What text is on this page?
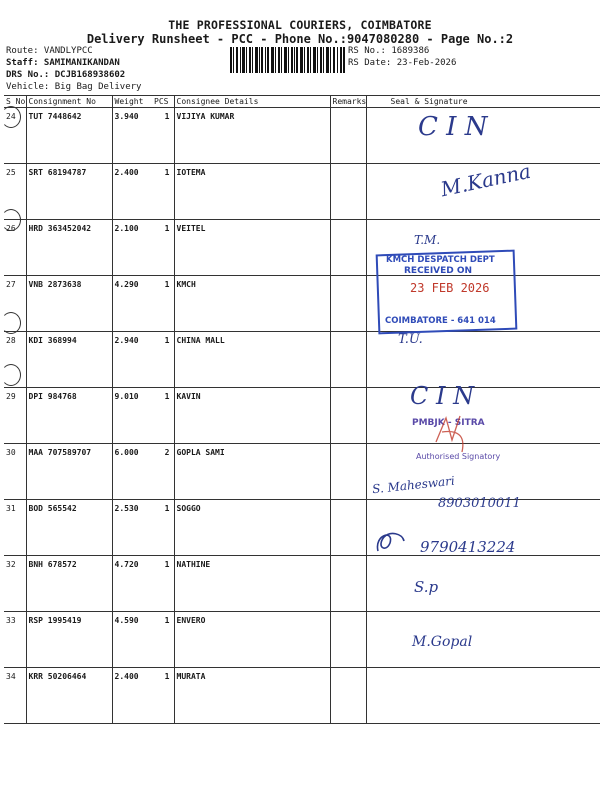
THE PROFESSIONAL COURIERS, COIMBATORE
Delivery Runsheet - PCC - Phone No.:9047080280 - Page No.:2
Route: VANDLYPCC
Staff: SAMIMANIKANDAN
DRS No.: DCJB168938602
Vehicle: Big Bag Delivery
RS No.: 1689386
RS Date: 23-Feb-2026
S No	Consignment No	Weight	PCS	Consignee Details	Remarks	Seal & Signature
24	TUT 7448642	3.940	1	VIJIYA KUMAR		
25	SRT 68194787	2.400	1	IOTEMA		
26	HRD 363452042	2.100	1	VEITEL		
27	VNB 2873638	4.290	1	KMCH		
28	KDI 368994	2.940	1	CHINA MALL		
29	DPI 984768	9.010	1	KAVIN		
30	MAA 707589707	6.000	2	GOPLA SAMI		
31	BOD 565542	2.530	1	SOGGO		
32	BNH 678572	4.720	1	NATHINE		
33	RSP 1995419	4.590	1	ENVERO		
34	KRR 50206464	2.400	1	MURATA		
C I N
M.Kanna
T.M.
T.U.
C I N
S. Maheswari
8903010011
9790413224
S.p
M.Gopal
KMCH DESPATCH DEPT
RECEIVED ON
23 FEB 2026
COIMBATORE - 641 014
PMBJK - SITRA
Authorised Signatory
